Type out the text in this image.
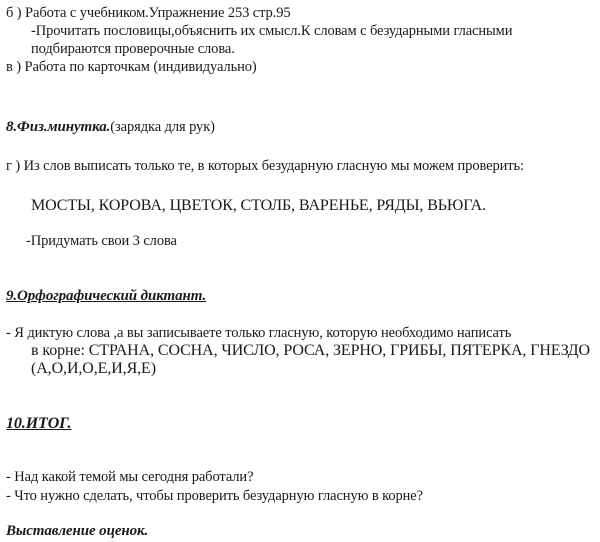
б ) Работа с учебником.Упражнение 253 стр.95
-Прочитать пословицы,объяснить их смысл.К словам с безударными гласными
подбираются проверочные слова.
в ) Работа по карточкам (индивидуально)
8.Физ.минутка.(зарядка для рук)
г ) Из слов выписать только те, в которых безударную гласную мы можем проверить:
МОСТЫ, КОРОВА, ЦВЕТОК, СТОЛБ, ВАРЕНЬЕ, РЯДЫ, ВЬЮГА.
-Придумать свои 3 слова
9.Орфографический диктант.
- Я диктую слова ,а вы записываете только гласную, которую необходимо написать
в корне: СТРАНА, СОСНА, ЧИСЛО, РОСА, ЗЕРНО, ГРИБЫ, ПЯТЕРКА, ГНЕЗДО
(А,О,И,О,Е,И,Я,Е)
10.ИТОГ.
- Над какой темой мы сегодня работали?
- Что нужно сделать, чтобы проверить безударную гласную в корне?
Выставление оценок.
